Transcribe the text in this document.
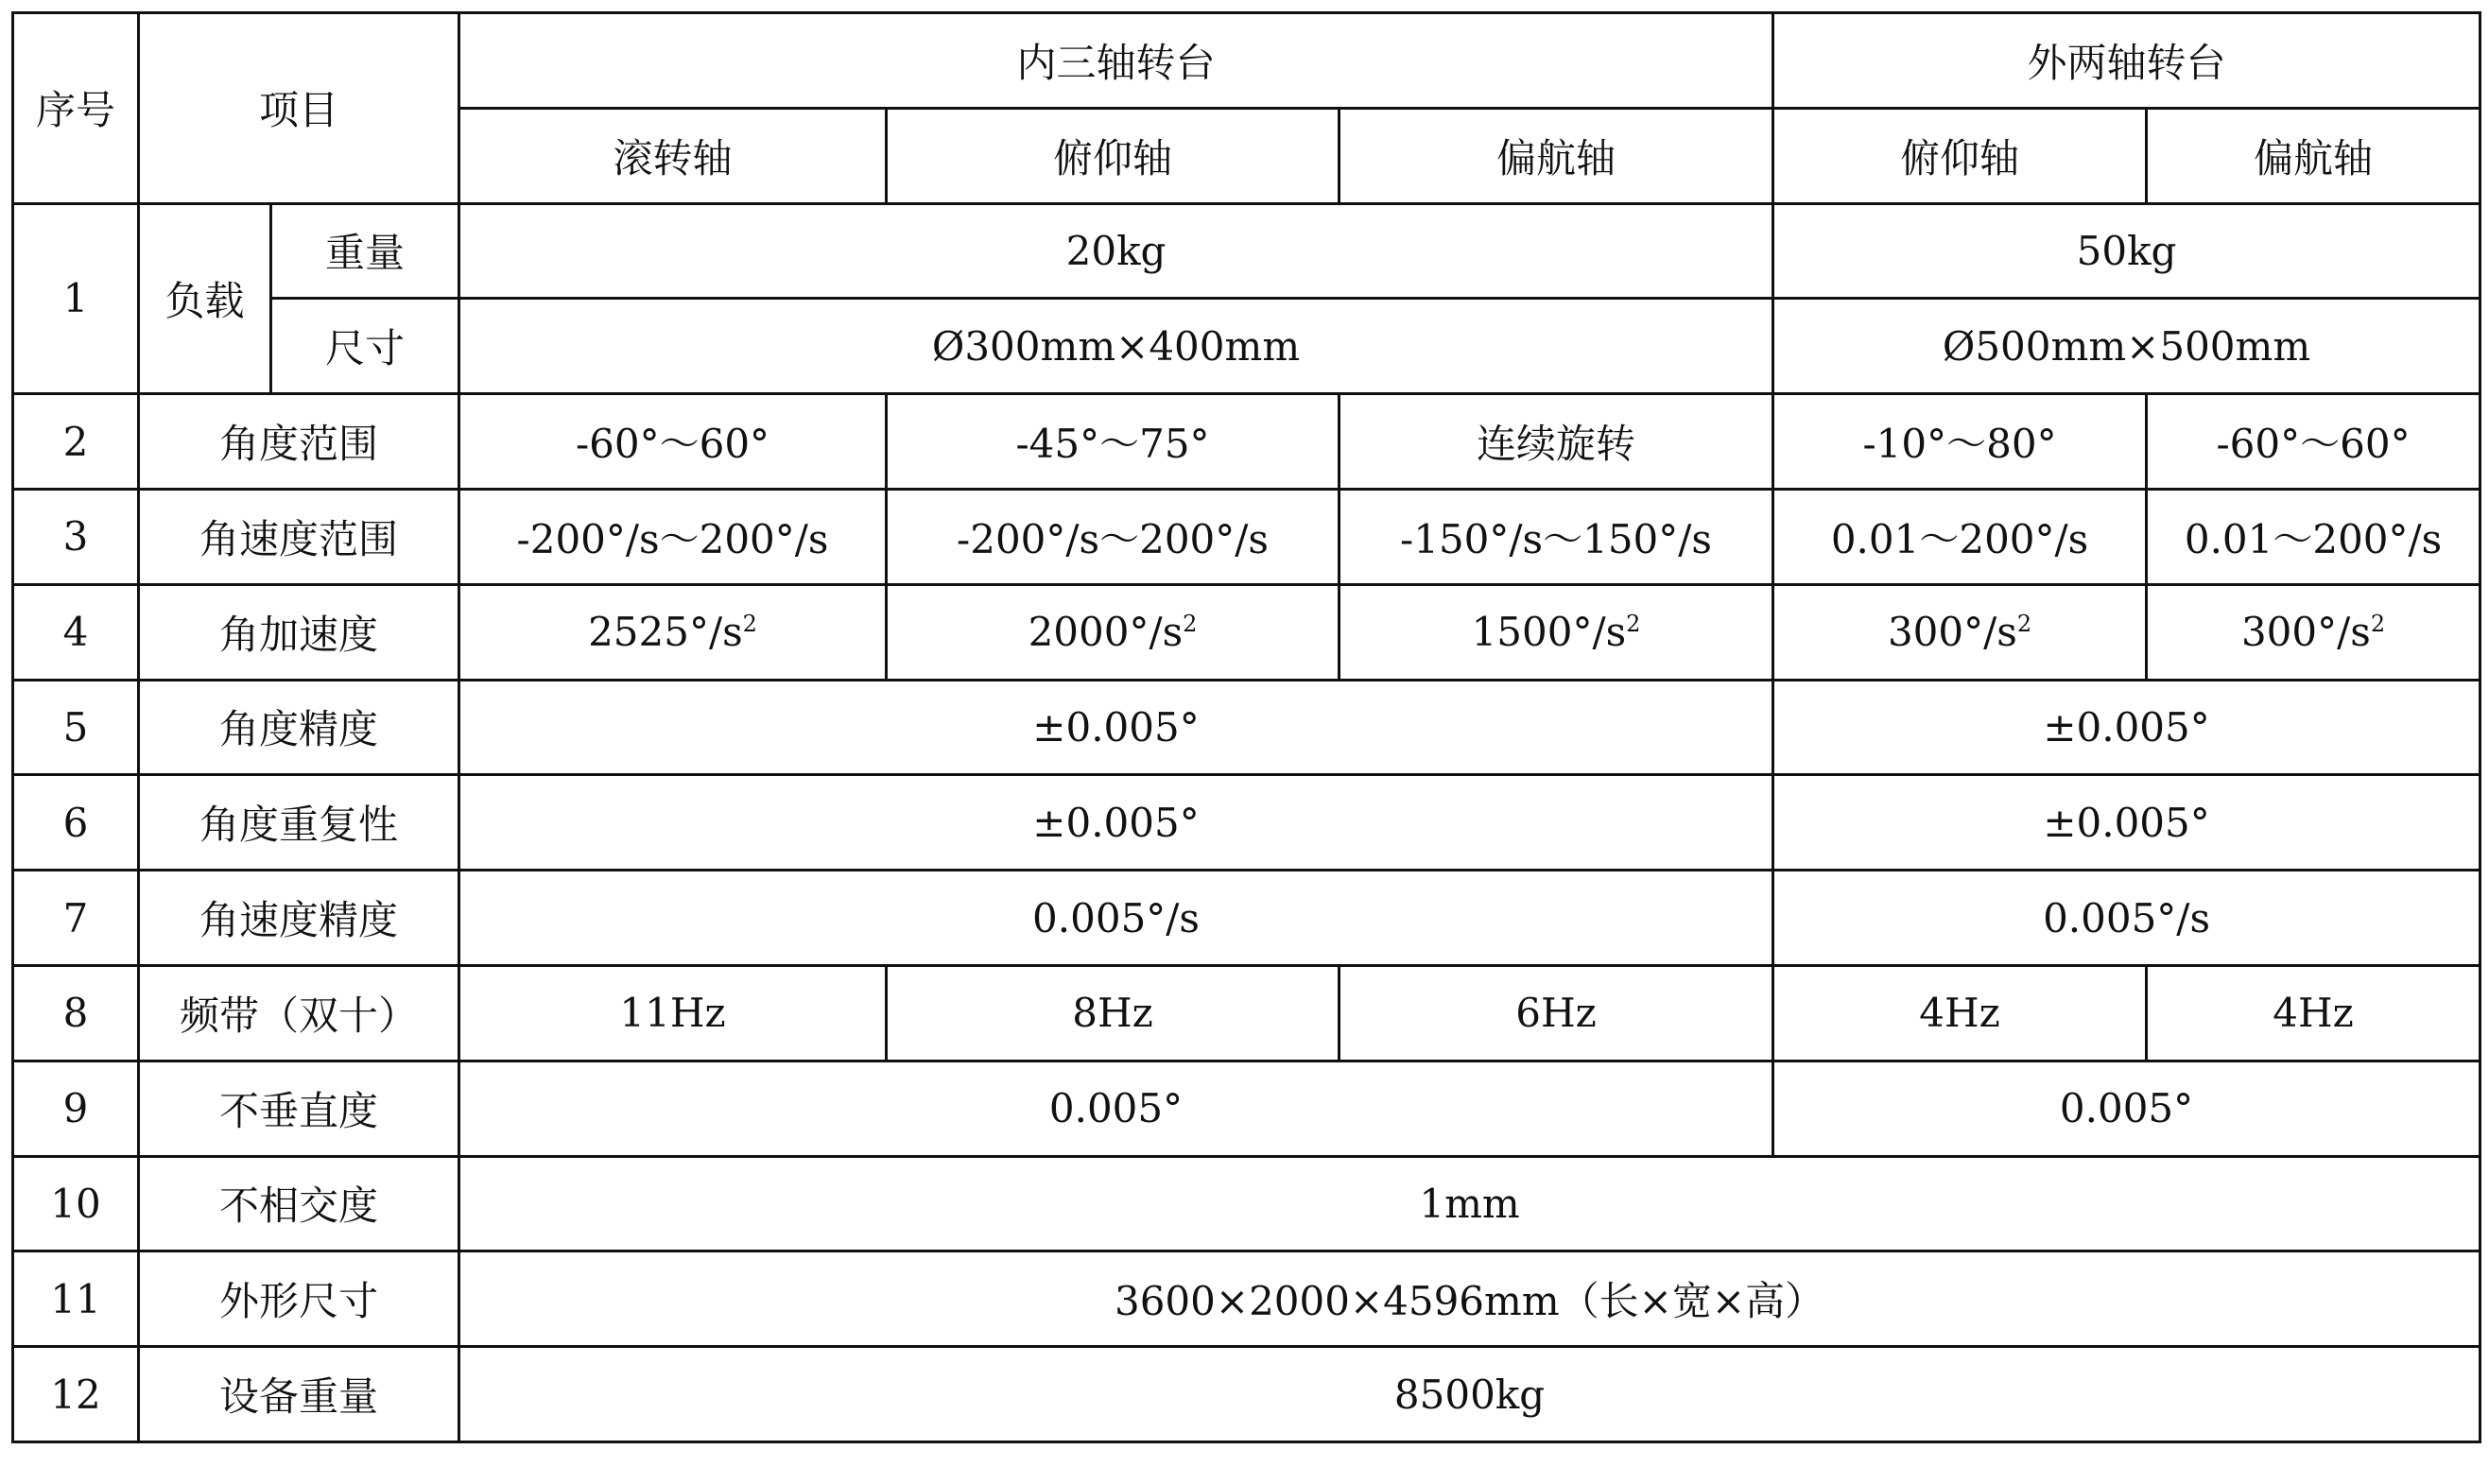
序号	项目		内三轴转台			外两轴转台	
			滚转轴	俯仰轴	偏航轴	俯仰轴	偏航轴
1	负载	重量	20kg			50kg	
		尺寸	Ø300mm×400mm			Ø500mm×500mm	
2	角度范围		-60°～60°	-45°～75°	连续旋转	-10°～80°	-60°～60°
3	角速度范围		-200°/s～200°/s	-200°/s～200°/s	-150°/s～150°/s	0.01～200°/s	0.01～200°/s
4	角加速度		$2525^\circ/s^2$	$2000^\circ/s^2$	$1500^\circ/s^2$	$300^\circ/s^2$	$300^\circ/s^2$
5	角度精度		±0.005°			±0.005°	
6	角度重复性		±0.005°			±0.005°	
7	角速度精度		0.005°/s			0.005°/s	
8	频带（双十）		11Hz	8Hz	6Hz	4Hz	4Hz
9	不垂直度		0.005°			0.005°	
10	不相交度		1mm				
11	外形尺寸		3600×2000×4596mm（长×宽×高）				
12	设备重量		8500kg				
